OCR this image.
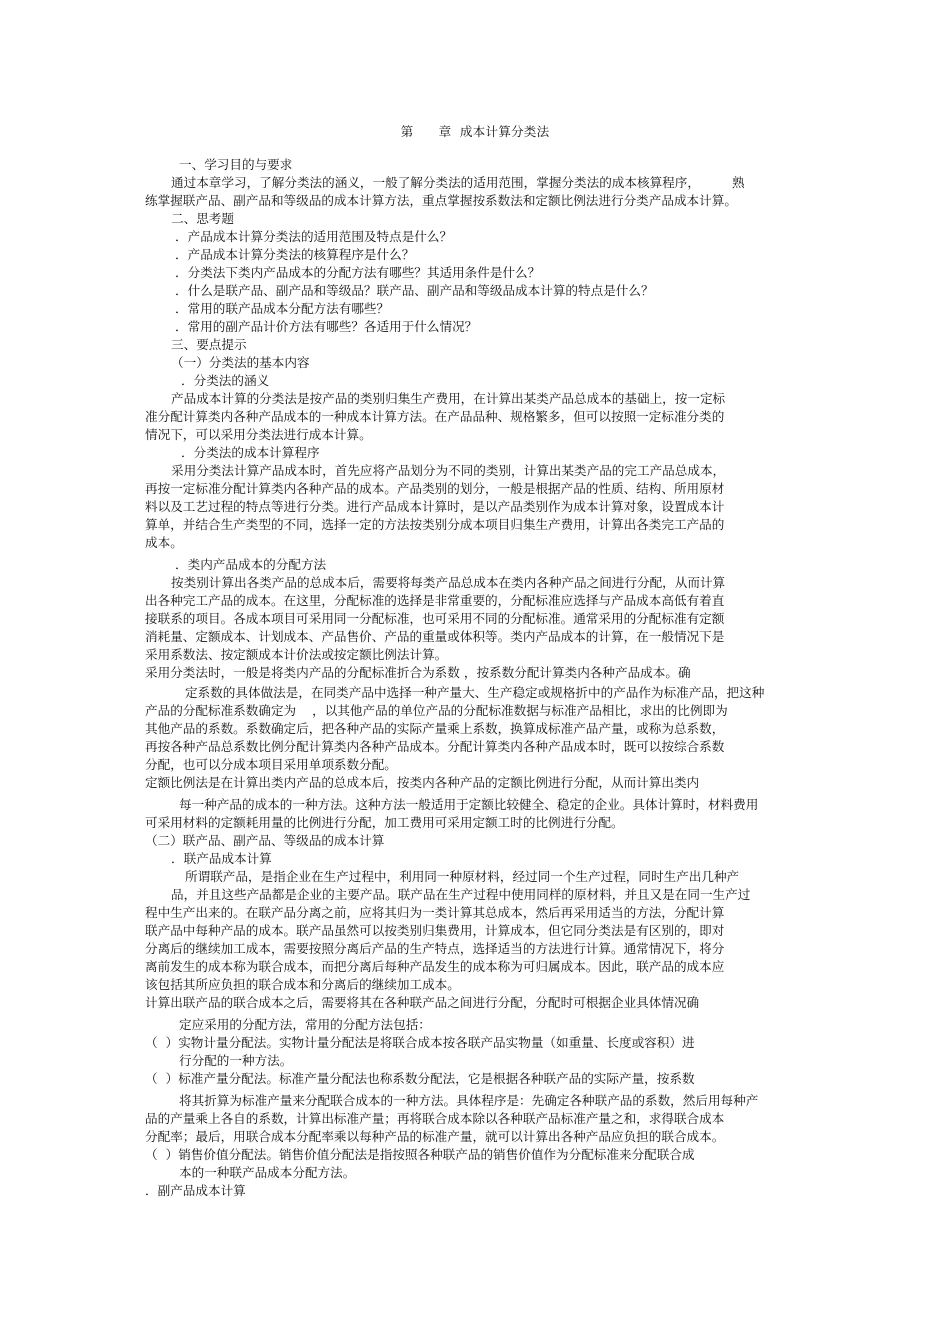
第      章  成本计算分类法
一、学习目的与要求
通过本章学习，了解分类法的涵义，一般了解分类法的适用范围，掌握分类法的成本核算程序，        熟
练掌握联产品、副产品和等级品的成本计算方法，重点掌握按系数法和定额比例法进行分类产品成本计算。
二、思考题
．产品成本计算分类法的适用范围及特点是什么？
．产品成本计算分类法的核算程序是什么？
．分类法下类内产品成本的分配方法有哪些？其适用条件是什么？
．什么是联产品、副产品和等级品？联产品、副产品和等级品成本计算的特点是什么？
．常用的联产品成本分配方法有哪些？
．常用的副产品计价方法有哪些？各适用于什么情况？
三、要点提示
（一）分类法的基本内容
．分类法的涵义
产品成本计算的分类法是按产品的类别归集生产费用，在计算出某类产品总成本的基础上，按一定标
准分配计算类内各种产品成本的一种成本计算方法。在产品品种、规格繁多，但可以按照一定标准分类的
情况下，可以采用分类法进行成本计算。
．分类法的成本计算程序
采用分类法计算产品成本时，首先应将产品划分为不同的类别，计算出某类产品的完工产品总成本，
再按一定标准分配计算类内各种产品的成本。产品类别的划分，一般是根据产品的性质、结构、所用原材
料以及工艺过程的特点等进行分类。进行产品成本计算时，是以产品类别作为成本计算对象，设置成本计
算单，并结合生产类型的不同，选择一定的方法按类别分成本项目归集生产费用，计算出各类完工产品的
成本。
．类内产品成本的分配方法
按类别计算出各类产品的总成本后，需要将每类产品总成本在类内各种产品之间进行分配，从而计算
出各种完工产品的成本。在这里，分配标准的选择是非常重要的，分配标准应选择与产品成本高低有着直
接联系的项目。各成本项目可采用同一分配标准，也可采用不同的分配标准。通常采用的分配标准有定额
消耗量、定额成本、计划成本、产品售价、产品的重量或体积等。类内产品成本的计算，在一般情况下是
采用系数法、按定额成本计价法或按定额比例法计算。
采用分类法时，一般是将类内产品的分配标准折合为系数 ，按系数分配计算类内各种产品成本。确
定系数的具体做法是，在同类产品中选择一种产量大、生产稳定或规格折中的产品作为标准产品，把这种
产品的分配标准系数确定为    ，以其他产品的单位产品的分配标准数据与标准产品相比，求出的比例即为
其他产品的系数。系数确定后，把各种产品的实际产量乘上系数，换算成标准产品产量，或称为总系数，
再按各种产品总系数比例分配计算类内各种产品成本。分配计算类内各种产品成本时，既可以按综合系数
分配，也可以分成本项目采用单项系数分配。
定额比例法是在计算出类内产品的总成本后，按类内各种产品的定额比例进行分配，从而计算出类内
每一种产品的成本的一种方法。这种方法一般适用于定额比较健全、稳定的企业。具体计算时，材料费用
可采用材料的定额耗用量的比例进行分配，加工费用可采用定额工时的比例进行分配。
（二）联产品、副产品、等级品的成本计算
．联产品成本计算
所谓联产品，是指企业在生产过程中，利用同一种原材料，经过同一个生产过程，同时生产出几种产
品，并且这些产品都是企业的主要产品。联产品在生产过程中使用同样的原材料，并且又是在同一生产过
程中生产出来的。在联产品分离之前，应将其归为一类计算其总成本，然后再采用适当的方法，分配计算
联产品中每种产品的成本。联产品虽然可以按类别归集费用，计算成本，但它同分类法是有区别的，即对
分离后的继续加工成本，需要按照分离后产品的生产特点，选择适当的方法进行计算。通常情况下，将分
离前发生的成本称为联合成本，而把分离后每种产品发生的成本称为可归属成本。因此，联产品的成本应
该包括其所应负担的联合成本和分离后的继续加工成本。
计算出联产品的联合成本之后，需要将其在各种联产品之间进行分配，分配时可根据企业具体情况确
定应采用的分配方法，常用的分配方法包括：
（  ）实物计量分配法。实物计量分配法是将联合成本按各联产品实物量（如重量、长度或容积）进
行分配的一种方法。
（  ）标准产量分配法。标准产量分配法也称系数分配法，它是根据各种联产品的实际产量，按系数
将其折算为标准产量来分配联合成本的一种方法。具体程序是：先确定各种联产品的系数，然后用每种产
品的产量乘上各自的系数，计算出标准产量；再将联合成本除以各种联产品标准产量之和，求得联合成本
分配率；最后，用联合成本分配率乘以每种产品的标准产量，就可以计算出各种产品应负担的联合成本。
（  ）销售价值分配法。销售价值分配法是指按照各种联产品的销售价值作为分配标准来分配联合成
本的一种联产品成本分配方法。
．副产品成本计算
